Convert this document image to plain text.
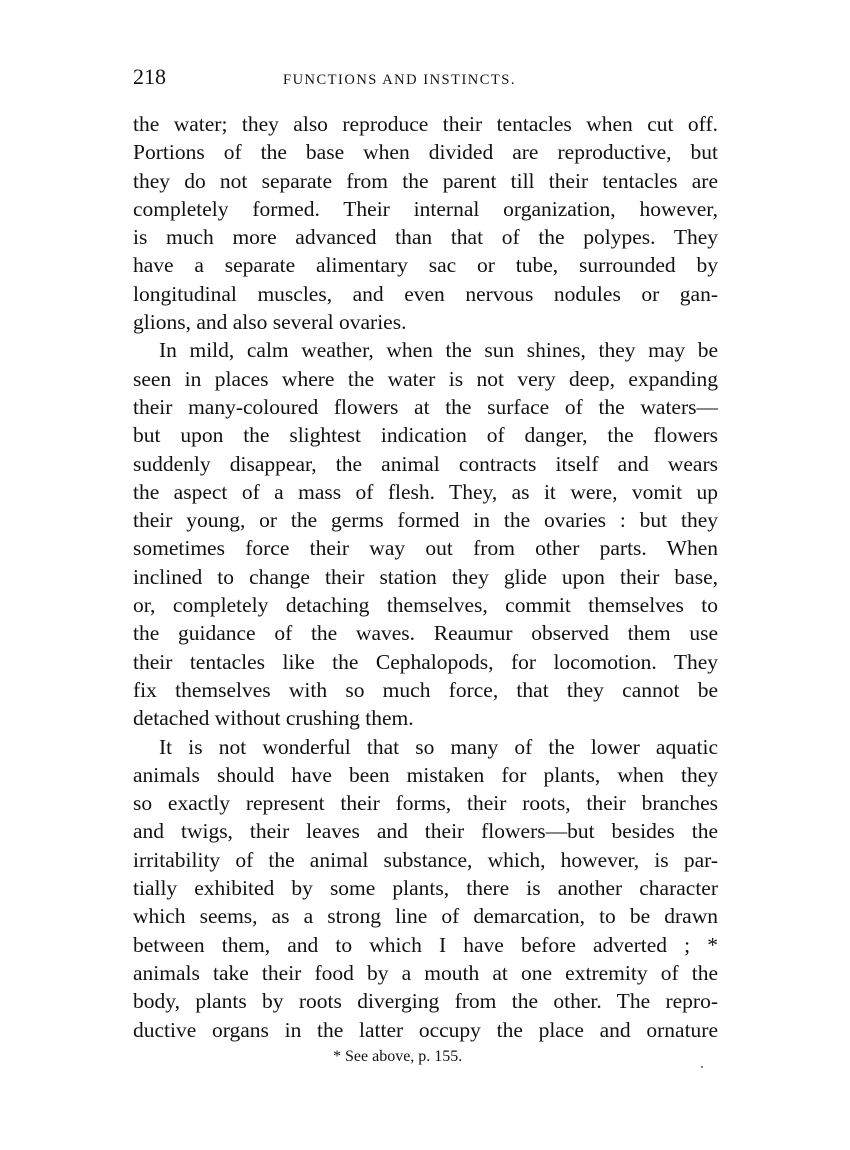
218	FUNCTIONS AND INSTINCTS.
the water; they also reproduce their tentacles when cut off.
Portions of the base when divided are reproductive, but
they do not separate from the parent till their tentacles are
completely formed. Their internal organization, however,
is much more advanced than that of the polypes. They
have a separate alimentary sac or tube, surrounded by
longitudinal muscles, and even nervous nodules or gan-
glions, and also several ovaries.
In mild, calm weather, when the sun shines, they may be
seen in places where the water is not very deep, expanding
their many-coloured flowers at the surface of the waters—
but upon the slightest indication of danger, the flowers
suddenly disappear, the animal contracts itself and wears
the aspect of a mass of flesh. They, as it were, vomit up
their young, or the germs formed in the ovaries : but they
sometimes force their way out from other parts. When
inclined to change their station they glide upon their base,
or, completely detaching themselves, commit themselves to
the guidance of the waves. Reaumur observed them use
their tentacles like the Cephalopods, for locomotion. They
fix themselves with so much force, that they cannot be
detached without crushing them.
It is not wonderful that so many of the lower aquatic
animals should have been mistaken for plants, when they
so exactly represent their forms, their roots, their branches
and twigs, their leaves and their flowers—but besides the
irritability of the animal substance, which, however, is par-
tially exhibited by some plants, there is another character
which seems, as a strong line of demarcation, to be drawn
between them, and to which I have before adverted ; *
animals take their food by a mouth at one extremity of the
body, plants by roots diverging from the other. The repro-
ductive organs in the latter occupy the place and ornature
* See above, p. 155.
